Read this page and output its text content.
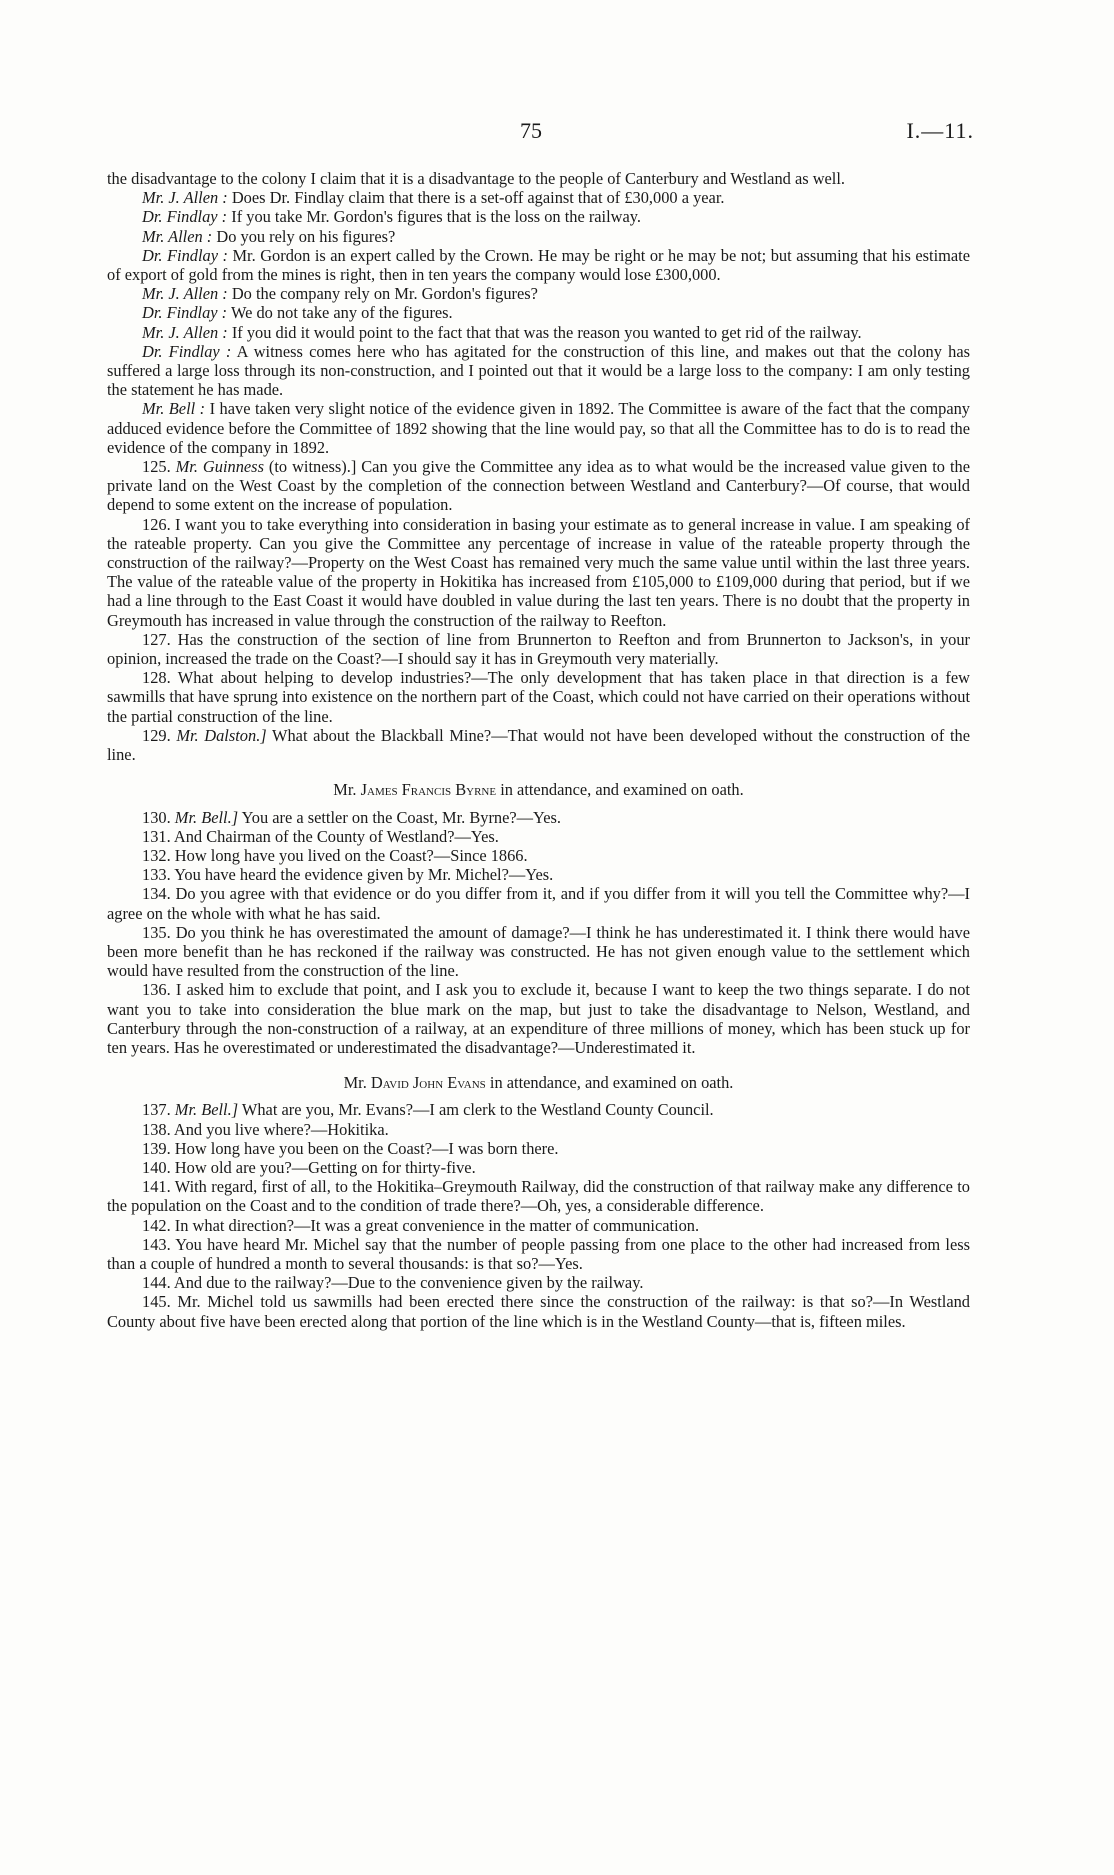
75	I.—11.

the disadvantage to the colony I claim that it is a disadvantage to the people of Canterbury and Westland as well.

Mr. J. Allen : Does Dr. Findlay claim that there is a set-off against that of £30,000 a year.

Dr. Findlay : If you take Mr. Gordon's figures that is the loss on the railway.

Mr. Allen : Do you rely on his figures?

Dr. Findlay : Mr. Gordon is an expert called by the Crown. He may be right or he may be not; but assuming that his estimate of export of gold from the mines is right, then in ten years the company would lose £300,000.

Mr. J. Allen : Do the company rely on Mr. Gordon's figures?

Dr. Findlay : We do not take any of the figures.

Mr. J. Allen : If you did it would point to the fact that that was the reason you wanted to get rid of the railway.

Dr. Findlay : A witness comes here who has agitated for the construction of this line, and makes out that the colony has suffered a large loss through its non-construction, and I pointed out that it would be a large loss to the company: I am only testing the statement he has made.

Mr. Bell : I have taken very slight notice of the evidence given in 1892. The Committee is aware of the fact that the company adduced evidence before the Committee of 1892 showing that the line would pay, so that all the Committee has to do is to read the evidence of the company in 1892.

125. Mr. Guinness (to witness).] Can you give the Committee any idea as to what would be the increased value given to the private land on the West Coast by the completion of the connection between Westland and Canterbury?—Of course, that would depend to some extent on the increase of population.

126. I want you to take everything into consideration in basing your estimate as to general increase in value. I am speaking of the rateable property. Can you give the Committee any percentage of increase in value of the rateable property through the construction of the railway?—Property on the West Coast has remained very much the same value until within the last three years. The value of the rateable value of the property in Hokitika has increased from £105,000 to £109,000 during that period, but if we had a line through to the East Coast it would have doubled in value during the last ten years. There is no doubt that the property in Greymouth has increased in value through the construction of the railway to Reefton.

127. Has the construction of the section of line from Brunnerton to Reefton and from Brunnerton to Jackson's, in your opinion, increased the trade on the Coast?—I should say it has in Greymouth very materially.

128. What about helping to develop industries?—The only development that has taken place in that direction is a few sawmills that have sprung into existence on the northern part of the Coast, which could not have carried on their operations without the partial construction of the line.

129. Mr. Dalston.] What about the Blackball Mine?—That would not have been developed without the construction of the line.

Mr. James Francis Byrne in attendance, and examined on oath.

130. Mr. Bell.] You are a settler on the Coast, Mr. Byrne?—Yes.

131. And Chairman of the County of Westland?—Yes.

132. How long have you lived on the Coast?—Since 1866.

133. You have heard the evidence given by Mr. Michel?—Yes.

134. Do you agree with that evidence or do you differ from it, and if you differ from it will you tell the Committee why?—I agree on the whole with what he has said.

135. Do you think he has overestimated the amount of damage?—I think he has underestimated it. I think there would have been more benefit than he has reckoned if the railway was constructed. He has not given enough value to the settlement which would have resulted from the construction of the line.

136. I asked him to exclude that point, and I ask you to exclude it, because I want to keep the two things separate. I do not want you to take into consideration the blue mark on the map, but just to take the disadvantage to Nelson, Westland, and Canterbury through the non-construction of a railway, at an expenditure of three millions of money, which has been stuck up for ten years. Has he overestimated or underestimated the disadvantage?—Underestimated it.

Mr. David John Evans in attendance, and examined on oath.

137. Mr. Bell.] What are you, Mr. Evans?—I am clerk to the Westland County Council.

138. And you live where?—Hokitika.

139. How long have you been on the Coast?—I was born there.

140. How old are you?—Getting on for thirty-five.

141. With regard, first of all, to the Hokitika–Greymouth Railway, did the construction of that railway make any difference to the population on the Coast and to the condition of trade there?—Oh, yes, a considerable difference.

142. In what direction?—It was a great convenience in the matter of communication.

143. You have heard Mr. Michel say that the number of people passing from one place to the other had increased from less than a couple of hundred a month to several thousands: is that so?—Yes.

144. And due to the railway?—Due to the convenience given by the railway.

145. Mr. Michel told us sawmills had been erected there since the construction of the railway: is that so?—In Westland County about five have been erected along that portion of the line which is in the Westland County—that is, fifteen miles.
